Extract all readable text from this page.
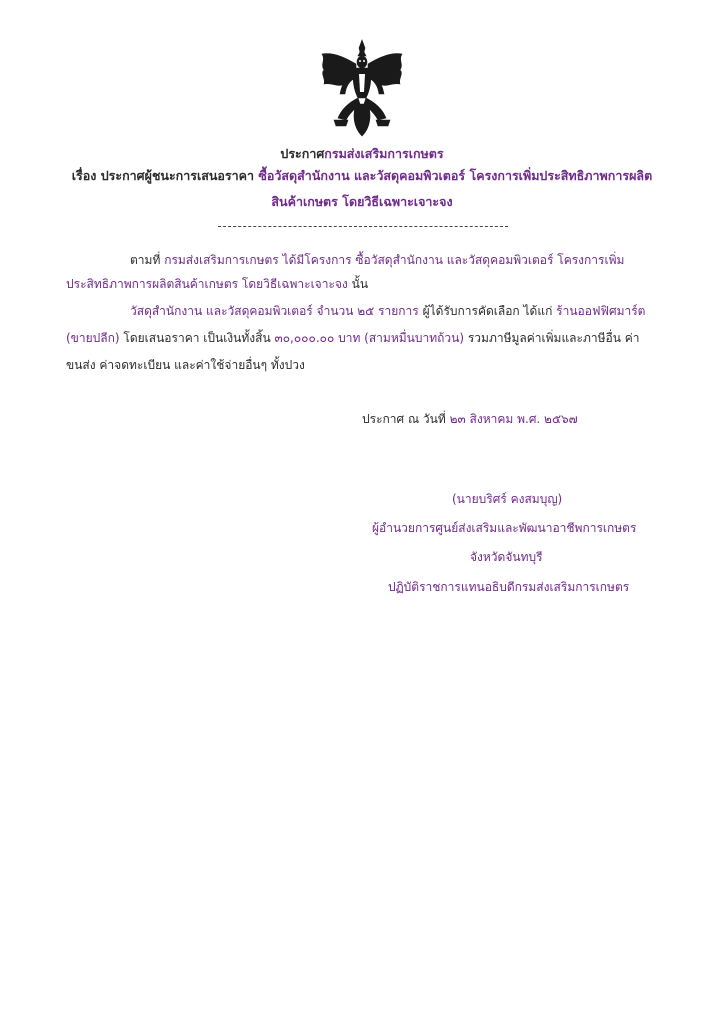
ประกาศกรมส่งเสริมการเกษตร
เรื่อง ประกาศผู้ชนะการเสนอราคา ซื้อวัสดุสำนักงาน และวัสดุคอมพิวเตอร์ โครงการเพิ่มประสิทธิภาพการผลิต
สินค้าเกษตร โดยวิธีเฉพาะเจาะจง
ตามที่ กรมส่งเสริมการเกษตร ได้มีโครงการ ซื้อวัสดุสำนักงาน และวัสดุคอมพิวเตอร์ โครงการเพิ่ม
ประสิทธิภาพการผลิตสินค้าเกษตร โดยวิธีเฉพาะเจาะจง นั้น
วัสดุสำนักงาน และวัสดุคอมพิวเตอร์ จำนวน ๒๕ รายการ ผู้ได้รับการคัดเลือก ได้แก่ ร้านออฟฟิศมาร์ต
(ขายปลีก) โดยเสนอราคา เป็นเงินทั้งสิ้น ๓๐,๐๐๐.๐๐ บาท (สามหมื่นบาทถ้วน) รวมภาษีมูลค่าเพิ่มและภาษีอื่น ค่า
ขนส่ง ค่าจดทะเบียน และค่าใช้จ่ายอื่นๆ ทั้งปวง
ประกาศ ณ วันที่ ๒๓ สิงหาคม พ.ศ. ๒๕๖๗
(นายบริศร์ คงสมบุญ)
ผู้อำนวยการศูนย์ส่งเสริมและพัฒนาอาชีพการเกษตร
จังหวัดจันทบุรี
ปฏิบัติราชการแทนอธิบดีกรมส่งเสริมการเกษตร
